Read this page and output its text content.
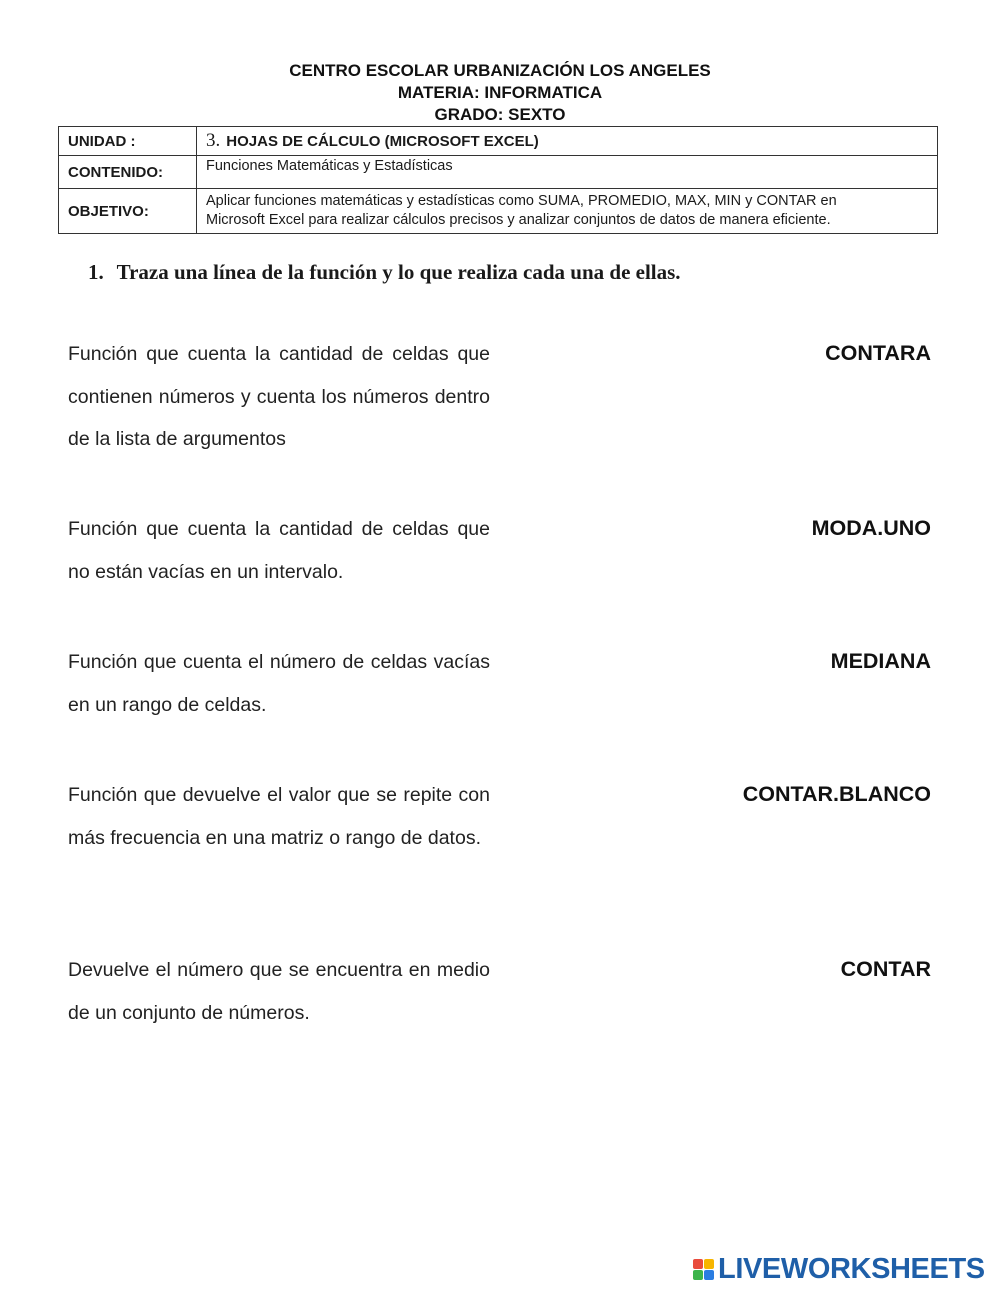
CENTRO ESCOLAR URBANIZACIÓN LOS ANGELES
MATERIA: INFORMATICA
GRADO: SEXTO
UNIDAD :	3. HOJAS DE CÁLCULO (MICROSOFT EXCEL)
CONTENIDO:	Funciones Matemáticas y Estadísticas
OBJETIVO:	Aplicar funciones matemáticas y estadísticas como SUMA, PROMEDIO, MAX, MIN y CONTAR en
Microsoft Excel para realizar cálculos precisos y analizar conjuntos de datos de manera eficiente.
1. Traza una línea de la función y lo que realiza cada una de ellas.
Función que cuenta la cantidad de celdas que contienen números y cuenta los números dentro de la lista de argumentos
CONTARA
Función que cuenta la cantidad de celdas que no están vacías en un intervalo.
MODA.UNO
Función que cuenta el número de celdas vacías en un rango de celdas.
MEDIANA
Función que devuelve el valor que se repite con más frecuencia en una matriz o rango de datos.
CONTAR.BLANCO
Devuelve el número que se encuentra en medio de un conjunto de números.
CONTAR
LIVEWORKSHEETS
